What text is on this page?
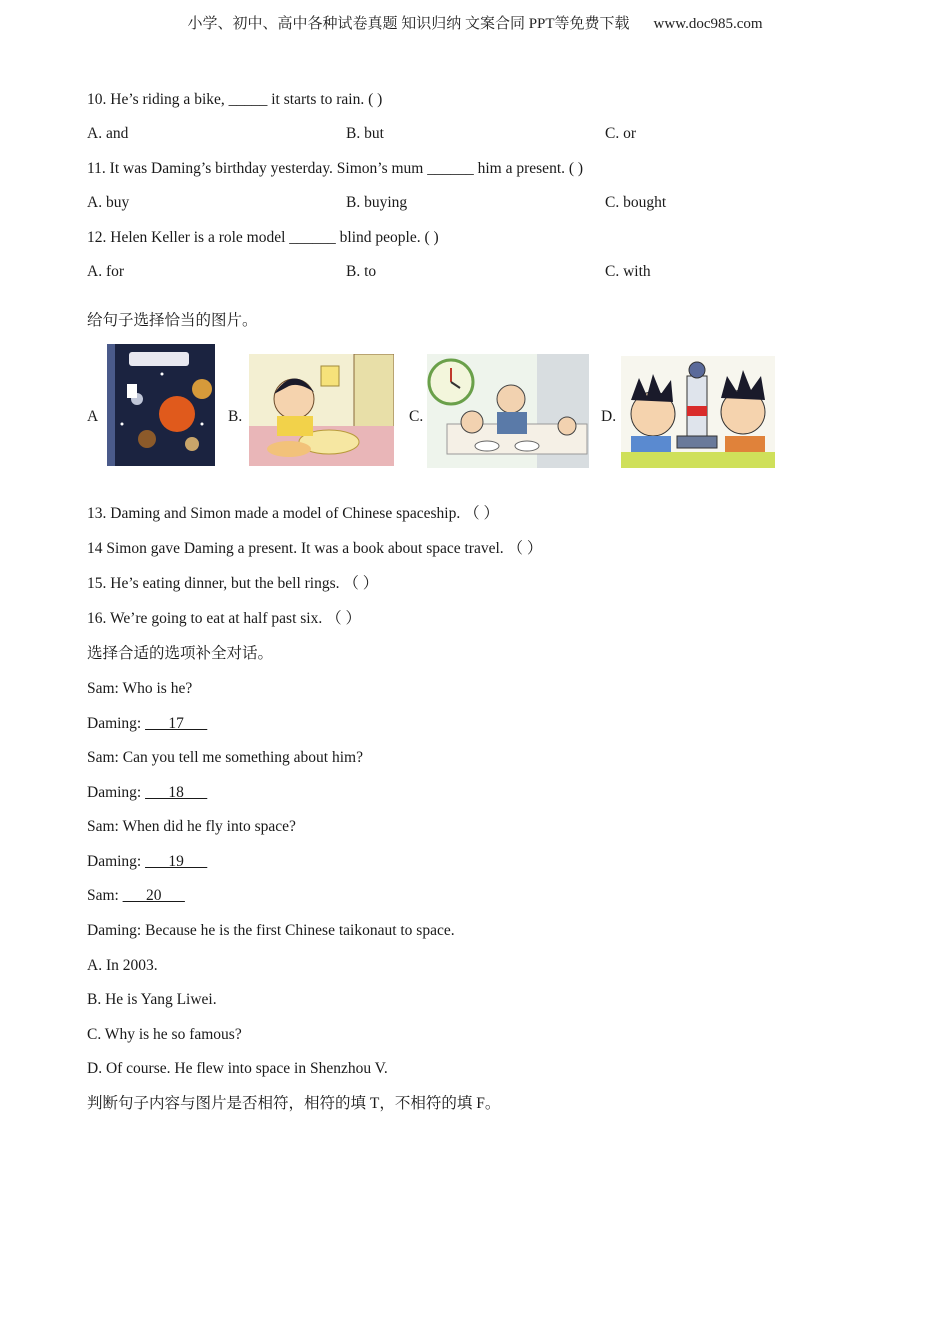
小学、初中、高中各种试卷真题 知识归纳 文案合同 PPT等免费下载 www.doc985.com
10. He’s riding a bike, _____ it starts to rain. ( )
A. and	B. but	C. or
11. It was Daming’s birthday yesterday. Simon’s mum ______ him a present. ( )
A. buy	B. buying	C. bought
12. Helen Keller is a role model ______ blind people. ( )
A. for	B. to	C. with
给句子选择恰当的图片。
A	B.	C.	D.
13. Daming and Simon made a model of Chinese spaceship. （ ）
14 Simon gave Daming a present. It was a book about space travel. （ ）
15. He’s eating dinner, but the bell rings. （ ）
16. We’re going to eat at half past six. （ ）
选择合适的选项补全对话。
Sam: Who is he?
Daming: ___17___
Sam: Can you tell me something about him?
Daming: ___18___
Sam: When did he fly into space?
Daming: ___19___
Sam: ___20___
Daming: Because he is the first Chinese taikonaut to space.
A. In 2003.
B. He is Yang Liwei.
C. Why is he so famous?
D. Of course. He flew into space in Shenzhou V.
判断句子内容与图片是否相符，相符的填 T，不相符的填 F。
